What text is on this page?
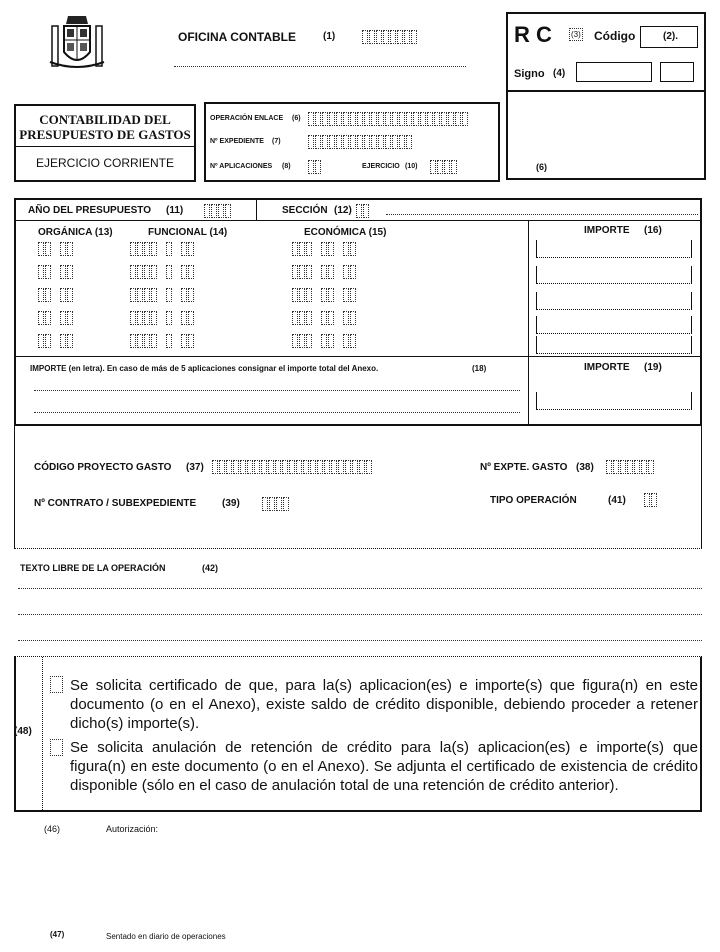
OFICINA CONTABLE	(1)	R C (3) Código	(2).
Signo (4)
(6)
CONTABILIDAD DEL
PRESUPUESTO DE GASTOS
EJERCICIO CORRIENTE
OPERACIÓN ENLACE (6)
Nº EXPEDIENTE (7)
Nº APLICACIONES (8)	EJERCICIO (10)
AÑO DEL PRESUPUESTO (11)	SECCIÓN (12)
ORGÁNICA (13)	FUNCIONAL (14)	ECONÓMICA (15)	IMPORTE (16)
IMPORTE (en letra). En caso de más de 5 aplicaciones consignar el importe total del Anexo.	(18)	IMPORTE (19)
CÓDIGO PROYECTO GASTO (37)	Nº EXPTE. GASTO (38)
Nº CONTRATO / SUBEXPEDIENTE	(39)	TIPO OPERACIÓN	(41)
TEXTO LIBRE DE LA OPERACIÓN	(42)
(48)
Se solicita certificado de que, para la(s) aplicacion(es) e importe(s) que figura(n) en este documento (o en el Anexo), existe saldo de crédito disponible, debiendo proceder a retener dicho(s) importe(s).
Se solicita anulación de retención de crédito para la(s) aplicacion(es) e importe(s) que figura(n) en este documento (o en el Anexo). Se adjunta el certificado de existencia de crédito disponible (sólo en el caso de anulación total de una retención de crédito anterior).
(46)	Autorización:
(47)	Sentado en diario de operaciones
